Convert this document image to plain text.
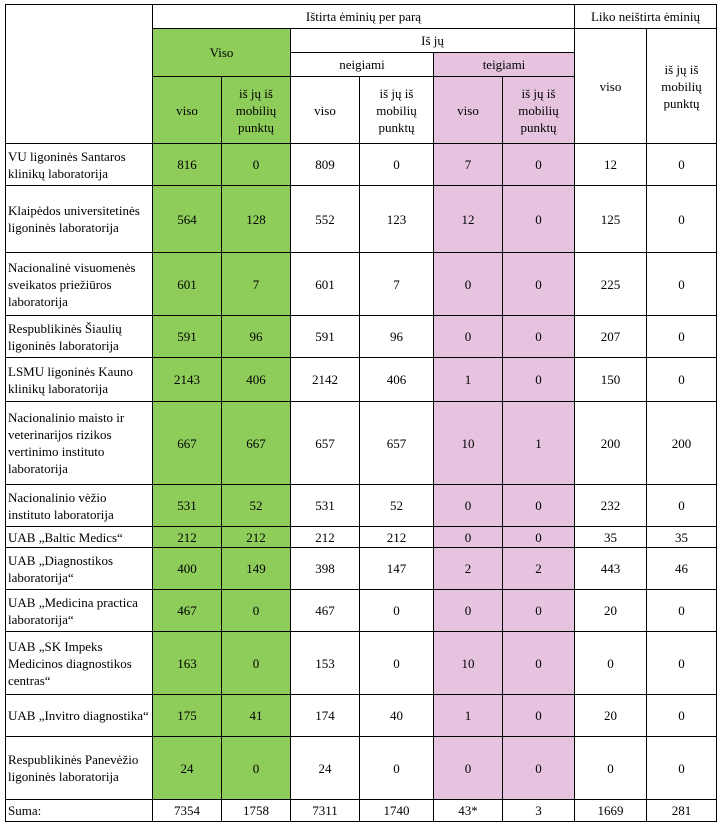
	Ištirta ėminių per parą						Liko neištirta ėminių	
	Viso		Iš jų				viso	iš jų iš mobilių punktų
			neigiami		teigiami			
	viso	iš jų iš mobilių punktų	viso	iš jų iš mobilių punktų	viso	iš jų iš mobilių punktų		
VU ligoninės Santaros klinikų laboratorija	816	0	809	0	7	0	12	0
Klaipėdos universitetinės ligoninės laboratorija	564	128	552	123	12	0	125	0
Nacionalinė visuomenės sveikatos priežiūros laboratorija	601	7	601	7	0	0	225	0
Respublikinės Šiaulių ligoninės laboratorija	591	96	591	96	0	0	207	0
LSMU ligoninės Kauno klinikų laboratorija	2143	406	2142	406	1	0	150	0
Nacionalinio maisto ir veterinarijos rizikos vertinimo instituto laboratorija	667	667	657	657	10	1	200	200
Nacionalinio vėžio instituto laboratorija	531	52	531	52	0	0	232	0
UAB „Baltic Medics“	212	212	212	212	0	0	35	35
UAB „Diagnostikos laboratorija“	400	149	398	147	2	2	443	46
UAB „Medicina practica laboratorija“	467	0	467	0	0	0	20	0
UAB „SK Impeks Medicinos diagnostikos centras“	163	0	153	0	10	0	0	0
UAB „Invitro diagnostika“	175	41	174	40	1	0	20	0
Respublikinės Panevėžio ligoninės laboratorija	24	0	24	0	0	0	0	0
Suma:	7354	1758	7311	1740	43*	3	1669	281
